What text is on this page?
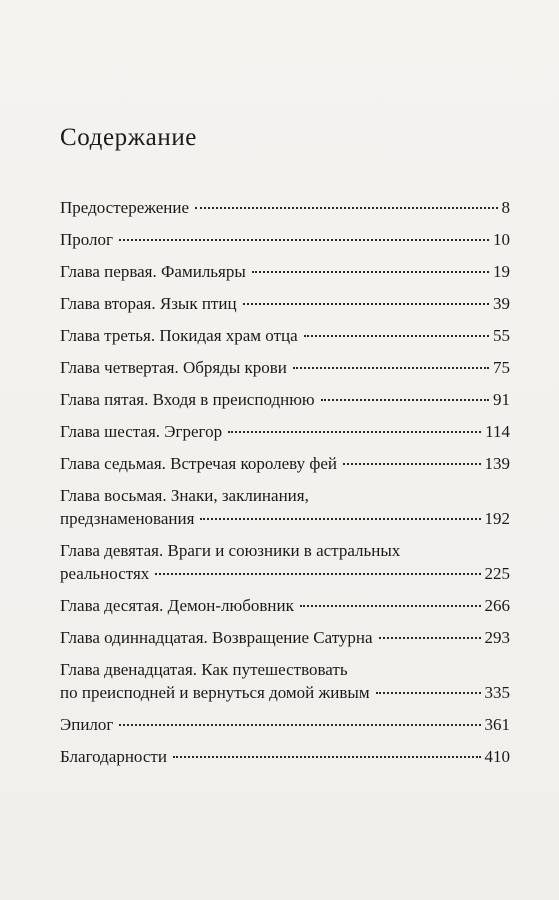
Содержание
Предостережение	8
Пролог	10
Глава первая. Фамильяры	19
Глава вторая. Язык птиц	39
Глава третья. Покидая храм отца	55
Глава четвертая. Обряды крови	75
Глава пятая. Входя в преисподнюю	91
Глава шестая. Эгрегор	114
Глава седьмая. Встречая королеву фей	139
Глава восьмая. Знаки, заклинания,
предзнаменования	192
Глава девятая. Враги и союзники в астральных
реальностях	225
Глава десятая. Демон-любовник	266
Глава одиннадцатая. Возвращение Сатурна	293
Глава двенадцатая. Как путешествовать
по преисподней и вернуться домой живым	335
Эпилог	361
Благодарности	410
